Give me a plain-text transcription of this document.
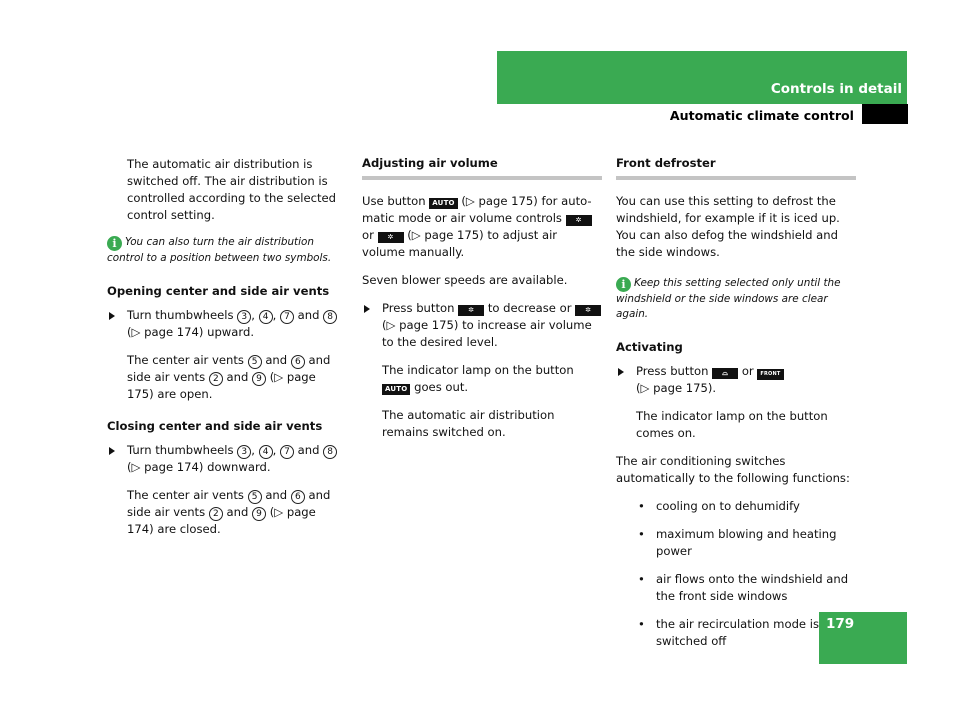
Controls in detail
Automatic climate control

The automatic air distribution is switched off. The air distribution is controlled according to the selected control setting.

i You can also turn the air distribution control to a position between two symbols.

Opening center and side air vents
Turn thumbwheels 3 , 4 , 7 and 8 (▷ page 174) upward.

The center air vents 5 and 6 and side air vents 2 and 9 (▷ page 175) are open.

Closing center and side air vents
Turn thumbwheels 3 , 4 , 7 and 8 (▷ page 174) downward.

The center air vents 5 and 6 and side air vents 2 and 9 (▷ page 174) are closed.

Adjusting air volume

Use button AUTO (▷ page 175) for auto-matic mode or air volume controls ✲ or ✲ (▷ page 175) to adjust air volume manually.

Seven blower speeds are available.

Press button ✲ to decrease or ✲ (▷ page 175) to increase air volume to the desired level.

The indicator lamp on the button AUTO goes out.

The automatic air distribution remains switched on.

Front defroster

You can use this setting to defrost the windshield, for example if it is iced up. You can also defog the windshield and the side windows.

i Keep this setting selected only until the windshield or the side windows are clear again.

Activating
Press button ⌓ or FRONT
(▷ page 175).

The indicator lamp on the button comes on.

The air conditioning switches automatically to the following functions:

• cooling on to dehumidify
• maximum blowing and heating power
• air flows onto the windshield and the front side windows
• the air recirculation mode is switched off
179
